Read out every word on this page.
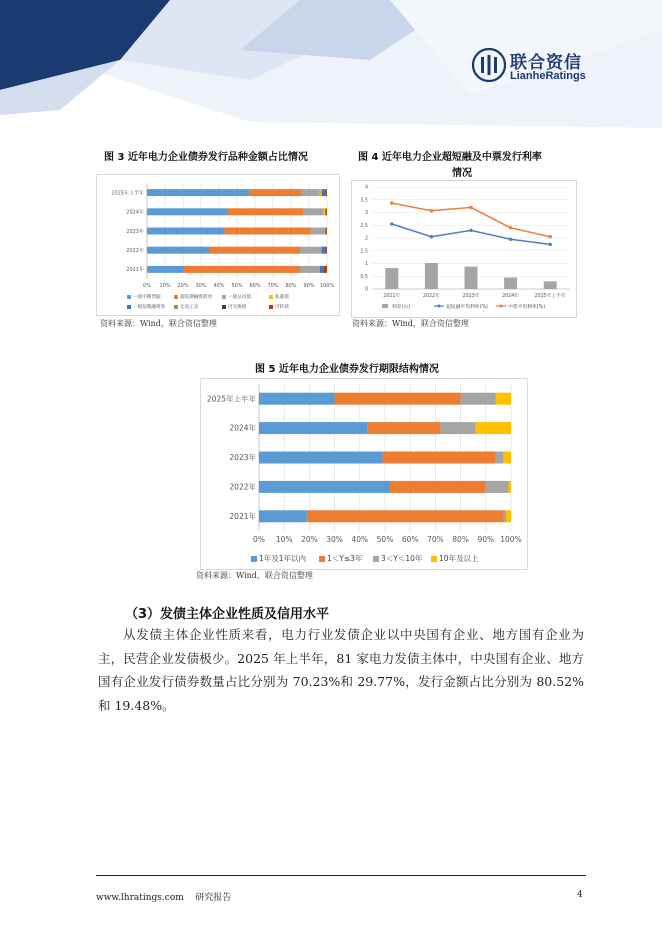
联合资信
LianheRatings
图 3 近年电力企业债券发行品种金额占比情况
0% 10% 20% 30% 40% 50% 60% 70% 80% 90% 100%
2025年上半年
2024年
2023年
2022年
2021年
一般中期票据	超短期融资债券	一般公司债	私募债
一般短期融资券	定向工具	可交换债	可转债
资料来源：Wind，联合资信整理
图 4 近年电力企业超短融及中票发行利率
情况
0
0.5
1
1.5
2
2.5
3
3.5
4
2021年	2022年	2023年	2024年	2025年上半年
利差(右)	超短融平均利率(%)	中票平均利率(%)
资料来源：Wind，联合资信整理
图 5 近年电力企业债券发行期限结构情况
0% 10% 20% 30% 40% 50% 60% 70% 80% 90% 100%
2025年上半年
2024年
2023年
2022年
2021年
1年及1年以内	1＜Y≤3年 3＜Y＜10年 10年及以上
资料来源：Wind，联合资信整理
（3）发债主体企业性质及信用水平
从发债主体企业性质来看，电力行业发债企业以中央国有企业、地方国有企业为主，民营企业发债极少。2025 年上半年，81 家电力发债主体中，中央国有企业、地方国有企业发行债券数量占比分别为 70.23%和 29.77%，发行金额占比分别为 80.52%和 19.48%。
www.lhratings.com 研究报告	4
